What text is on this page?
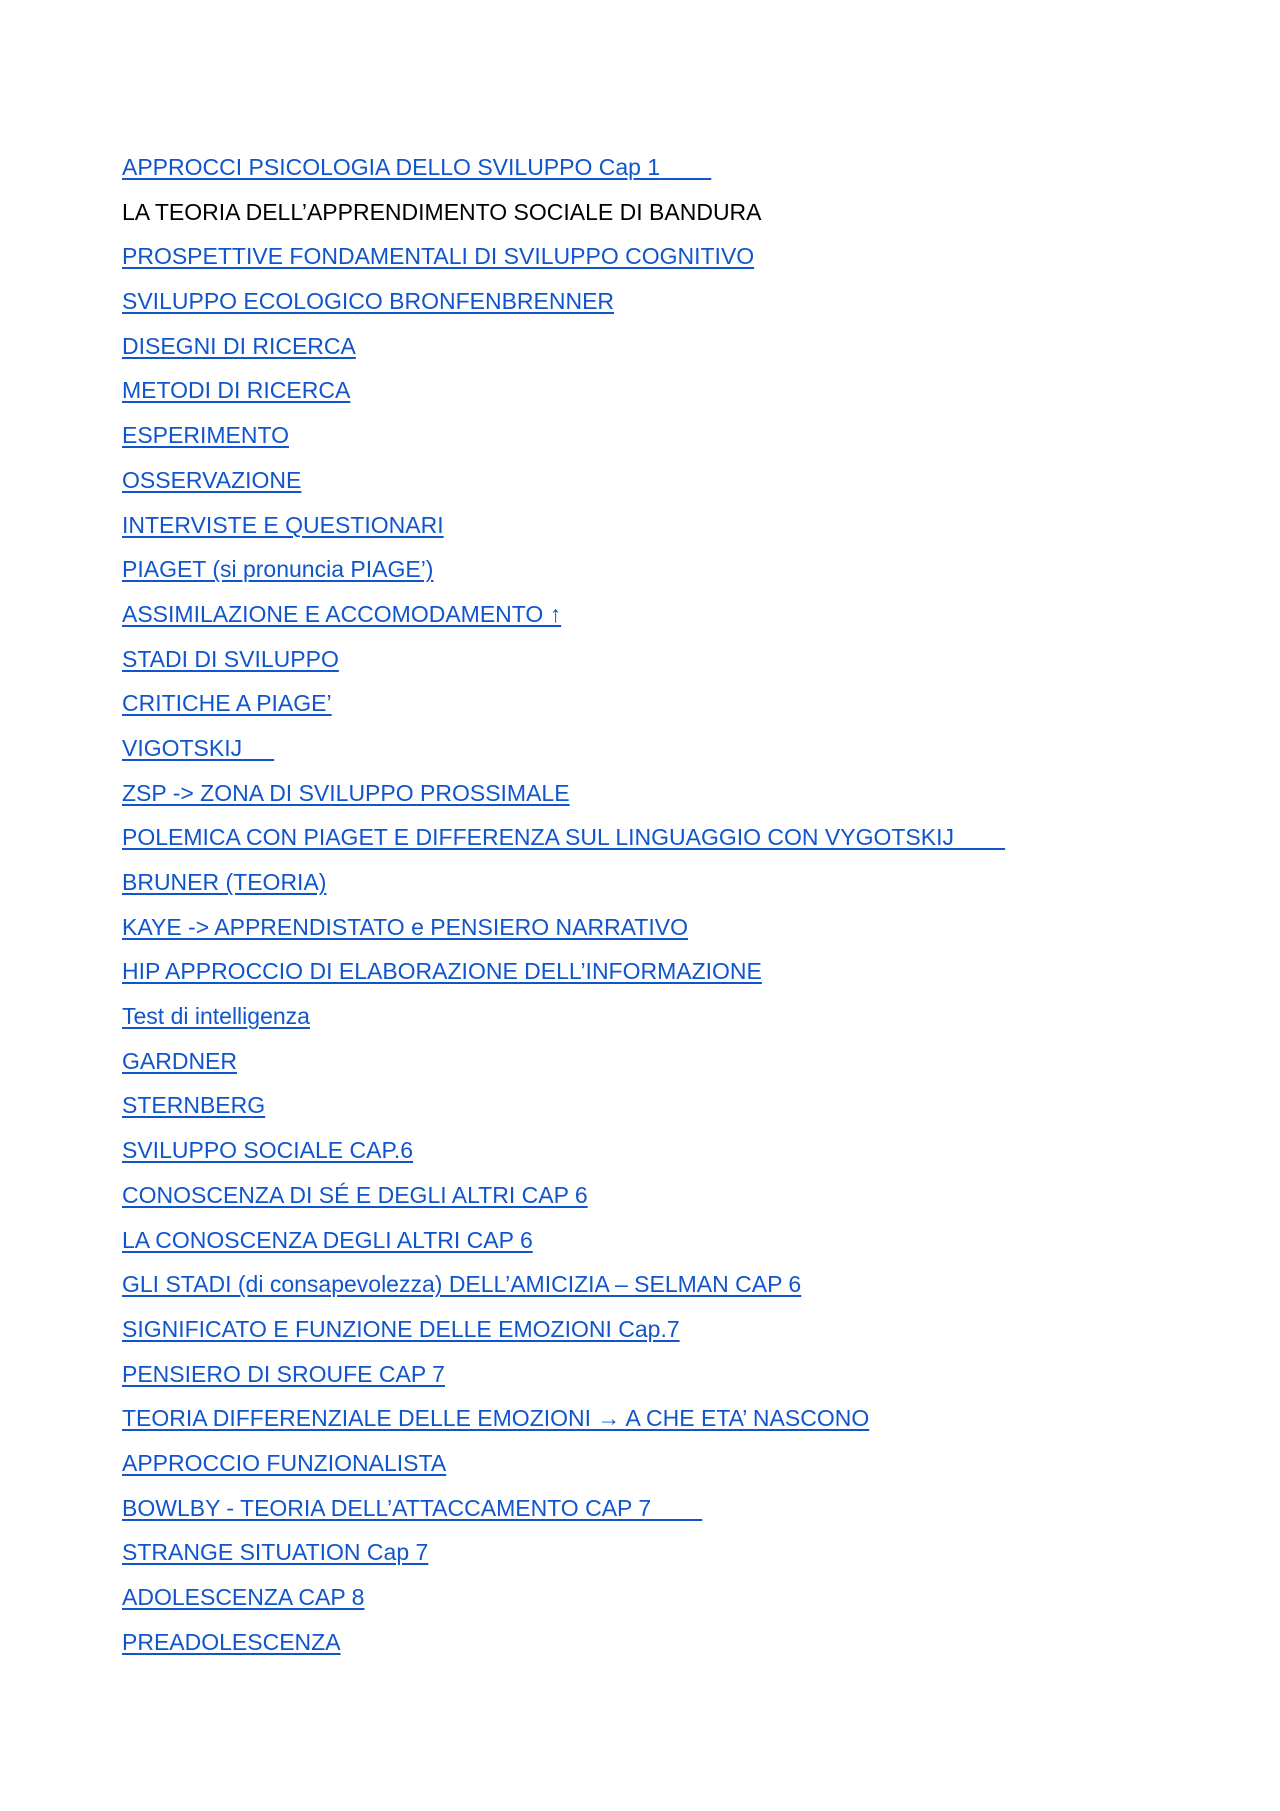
APPROCCI PSICOLOGIA DELLO SVILUPPO Cap 1
LA TEORIA DELL’APPRENDIMENTO SOCIALE DI BANDURA
PROSPETTIVE FONDAMENTALI DI SVILUPPO COGNITIVO
SVILUPPO ECOLOGICO BRONFENBRENNER
DISEGNI DI RICERCA
METODI DI RICERCA
ESPERIMENTO
OSSERVAZIONE
INTERVISTE E QUESTIONARI
PIAGET (si pronuncia PIAGE’)
ASSIMILAZIONE E ACCOMODAMENTO ↑
STADI DI SVILUPPO
CRITICHE A PIAGE’
VIGOTSKIJ
ZSP -> ZONA DI SVILUPPO PROSSIMALE
POLEMICA CON PIAGET E DIFFERENZA SUL LINGUAGGIO CON VYGOTSKIJ
BRUNER (TEORIA)
KAYE -> APPRENDISTATO e PENSIERO NARRATIVO
HIP APPROCCIO DI ELABORAZIONE DELL’INFORMAZIONE
Test di intelligenza
GARDNER
STERNBERG
SVILUPPO SOCIALE CAP.6
CONOSCENZA DI SÉ E DEGLI ALTRI CAP 6
LA CONOSCENZA DEGLI ALTRI CAP 6
GLI STADI (di consapevolezza) DELL’AMICIZIA – SELMAN CAP 6
SIGNIFICATO E FUNZIONE DELLE EMOZIONI Cap.7
PENSIERO DI SROUFE CAP 7
TEORIA DIFFERENZIALE DELLE EMOZIONI → A CHE ETA’ NASCONO
APPROCCIO FUNZIONALISTA
BOWLBY - TEORIA DELL’ATTACCAMENTO CAP 7
STRANGE SITUATION Cap 7
ADOLESCENZA CAP 8
PREADOLESCENZA
